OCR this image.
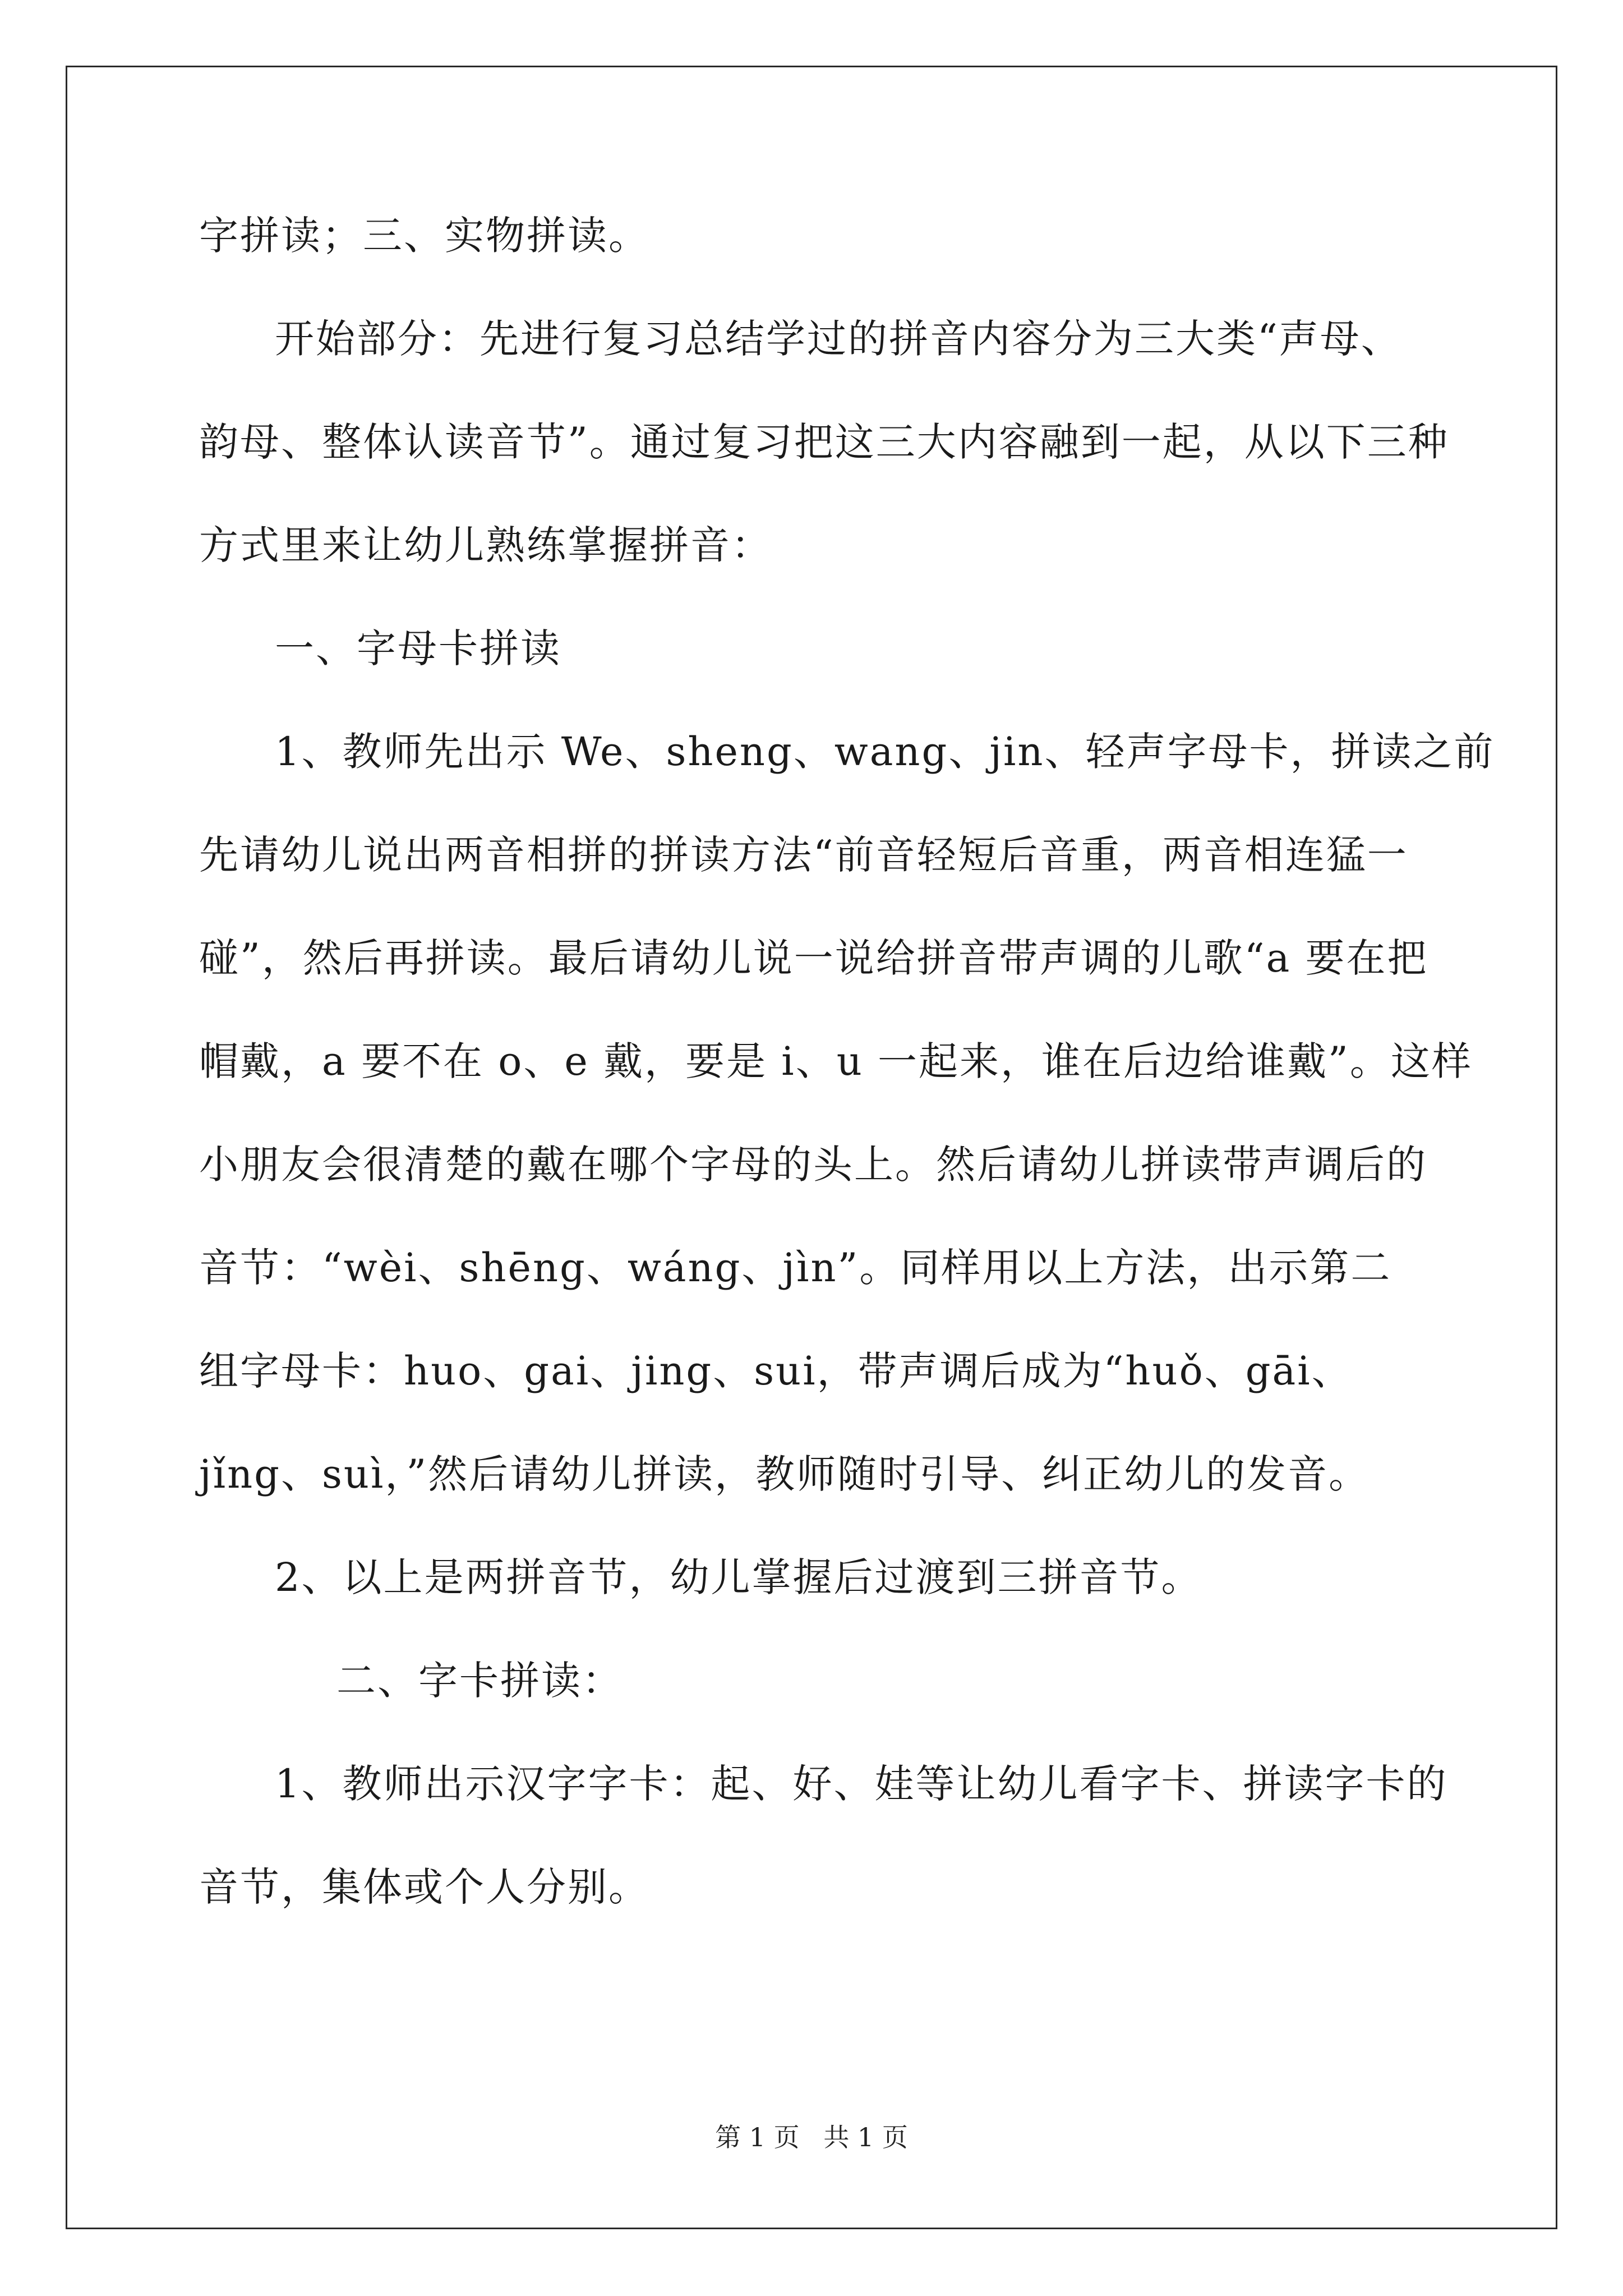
字拼读；三、实物拼读。
开始部分：先进行复习总结学过的拼音内容分为三大类“声母、
韵母、整体认读音节”。通过复习把这三大内容融到一起，从以下三种
方式里来让幼儿熟练掌握拼音：
一、字母卡拼读
1、教师先出示 We、sheng、wang、jin、轻声字母卡，拼读之前
先请幼儿说出两音相拼的拼读方法“前音轻短后音重，两音相连猛一
碰”，然后再拼读。最后请幼儿说一说给拼音带声调的儿歌“a 要在把
帽戴，a 要不在 o、e 戴，要是 i、u 一起来，谁在后边给谁戴”。这样
小朋友会很清楚的戴在哪个字母的头上。然后请幼儿拼读带声调后的
音节：“wèi、shēng、wáng、jìn”。同样用以上方法，出示第二
组字母卡：huo、gai、jing、sui，带声调后成为“huǒ、gāi、
jǐng、suì，”然后请幼儿拼读，教师随时引导、纠正幼儿的发音。
2、以上是两拼音节，幼儿掌握后过渡到三拼音节。
二、字卡拼读：
1、教师出示汉字字卡：起、好、娃等让幼儿看字卡、拼读字卡的
音节，集体或个人分别。
第 1 页 共 1 页
